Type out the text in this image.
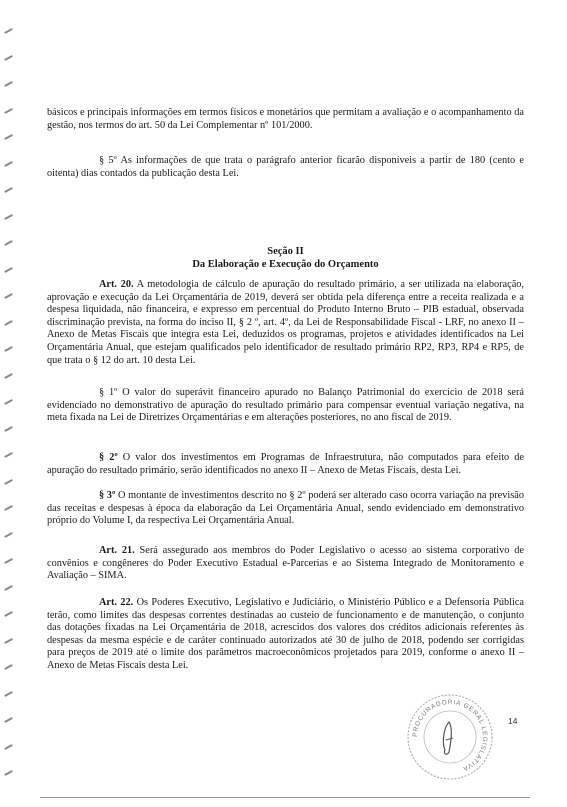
básicos e principais informações em termos físicos e monetários que permitam a avaliação e o acompanhamento da gestão, nos termos do art. 50 da Lei Complementar nº 101/2000.

§ 5º As informações de que trata o parágrafo anterior ficarão disponíveis a partir de 180 (cento e oitenta) dias contados da publicação desta Lei.

Seção II
Da Elaboração e Execução do Orçamento

Art. 20. A metodologia de cálculo de apuração do resultado primário, a ser utilizada na elaboração, aprovação e execução da Lei Orçamentária de 2019, deverá ser obtida pela diferença entre a receita realizada e a despesa liquidada, não financeira, e expresso em percentual do Produto Interno Bruto – PIB estadual, observada discriminação prevista, na forma do inciso II, § 2 º, art. 4º, da Lei de Responsabilidade Fiscal - LRF, no anexo II – Anexo de Metas Fiscais que integra esta Lei, deduzidos os programas, projetos e atividades identificados na Lei Orçamentária Anual, que estejam qualificados pelo identificador de resultado primário RP2, RP3, RP4 e RP5, de que trata o § 12 do art. 10 desta Lei.

§ 1º O valor do superávit financeiro apurado no Balanço Patrimonial do exercício de 2018 será evidenciado no demonstrativo de apuração do resultado primário para compensar eventual variação negativa, na meta fixada na Lei de Diretrizes Orçamentárias e em alterações posteriores, no ano fiscal de 2019.

§ 2º O valor dos investimentos em Programas de Infraestrutura, não computados para efeito de apuração do resultado primário, serão identificados no anexo II – Anexo de Metas Fiscais, desta Lei.

§ 3º O montante de investimentos descrito no § 2º poderá ser alterado caso ocorra variação na previsão das receitas e despesas à época da elaboração da Lei Orçamentária Anual, sendo evidenciado em demonstrativo próprio do Volume I, da respectiva Lei Orçamentária Anual.

Art. 21. Será assegurado aos membros do Poder Legislativo o acesso ao sistema corporativo de convênios e congêneres do Poder Executivo Estadual e-Parcerias e ao Sistema Integrado de Monitoramento e Avaliação – SIMA.

Art. 22. Os Poderes Executivo, Legislativo e Judiciário, o Ministério Público e a Defensoria Pública terão, como limites das despesas correntes destinadas ao custeio de funcionamento e de manutenção, o conjunto das dotações fixadas na Lei Orçamentária de 2018, acrescidos dos valores dos créditos adicionais referentes às despesas da mesma espécie e de caráter continuado autorizados até 30 de julho de 2018, podendo ser corrigidas para preços de 2019 até o limite dos parâmetros macroeconômicos projetados para 2019, conforme o anexo II – Anexo de Metas Fiscais desta Lei.

14
PROCURADORIA GERAL LEGISLATIVA
